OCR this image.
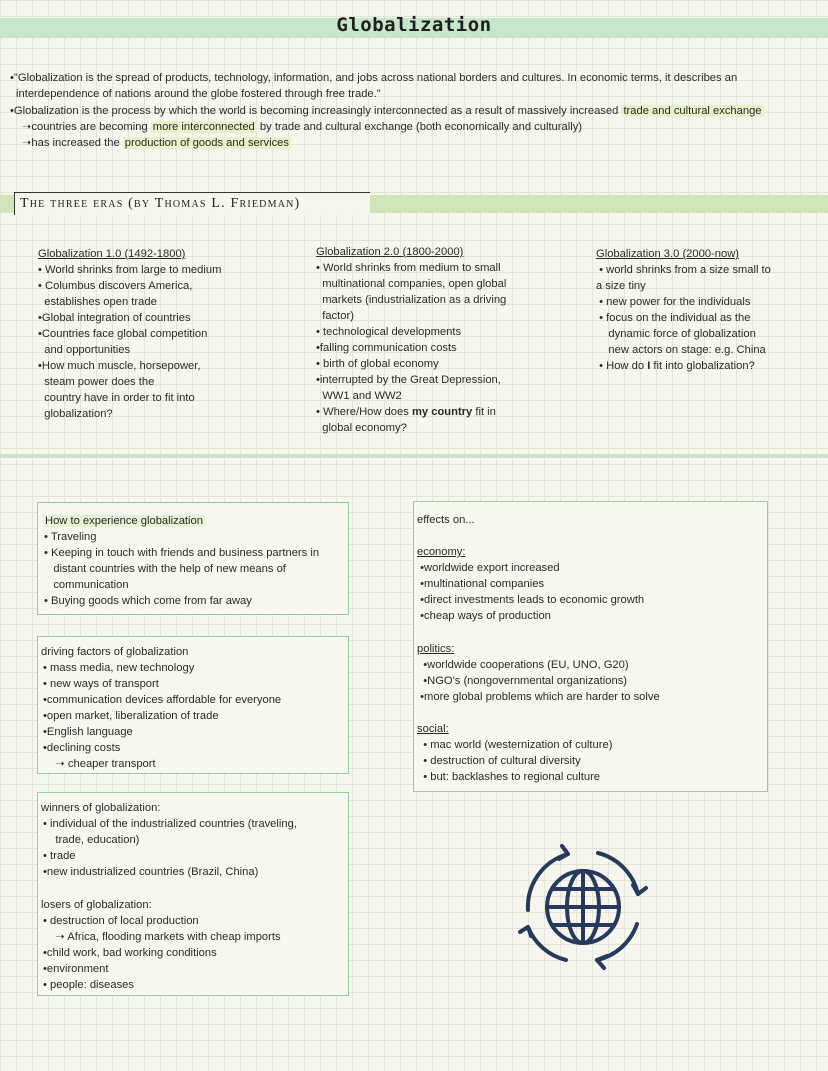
Globalization
•"Globalization is the spread of products, technology, information, and jobs across national borders and cultures. In economic terms, it describes an
interdependence of nations around the globe fostered through free trade."
•Globalization is the process by which the world is becoming increasingly interconnected as a result of massively increased trade and cultural exchange
➝countries are becoming more interconnected by trade and cultural exchange (both economically and culturally)
➝has increased the production of goods and services
The three eras (by Thomas L. Friedman)
Globalization 1.0 (1492-1800)
• World shrinks from large to medium
• Columbus discovers America,
establishes open trade
•Global integration of countries
•Countries face global competition
and opportunities
•How much muscle, horsepower,
steam power does the
country have in order to fit into
globalization?
Globalization 2.0 (1800-2000)
• World shrinks from medium to small
multinational companies, open global
markets (industrialization as a driving
factor)
• technological developments
•falling communication costs
• birth of global economy
•interrupted by the Great Depression,
WW1 and WW2
• Where/How does my country fit in
global economy?
Globalization 3.0 (2000-now)
• world shrinks from a size small to
a size tiny
• new power for the individuals
• focus on the individual as the
dynamic force of globalization
new actors on stage: e.g. China
• How do I fit into globalization?
How to experience globalization
• Traveling
• Keeping in touch with friends and business partners in
distant countries with the help of new means of
communication
• Buying goods which come from far away
driving factors of globalization
• mass media, new technology
• new ways of transport
•communication devices affordable for everyone
•open market, liberalization of trade
•English language
•declining costs
➝ cheaper transport
winners of globalization:
• individual of the industrialized countries (traveling,
trade, education)
• trade
•new industrialized countries (Brazil, China)
losers of globalization:
• destruction of local production
➝ Africa, flooding markets with cheap imports
•child work, bad working conditions
•environment
• people: diseases
effects on...
economy:
•worldwide export increased
•multinational companies
•direct investments leads to economic growth
•cheap ways of production
politics:
•worldwide cooperations (EU, UNO, G20)
•NGO's (nongovernmental organizations)
•more global problems which are harder to solve
social:
• mac world (westernization of culture)
• destruction of cultural diversity
• but: backlashes to regional culture
